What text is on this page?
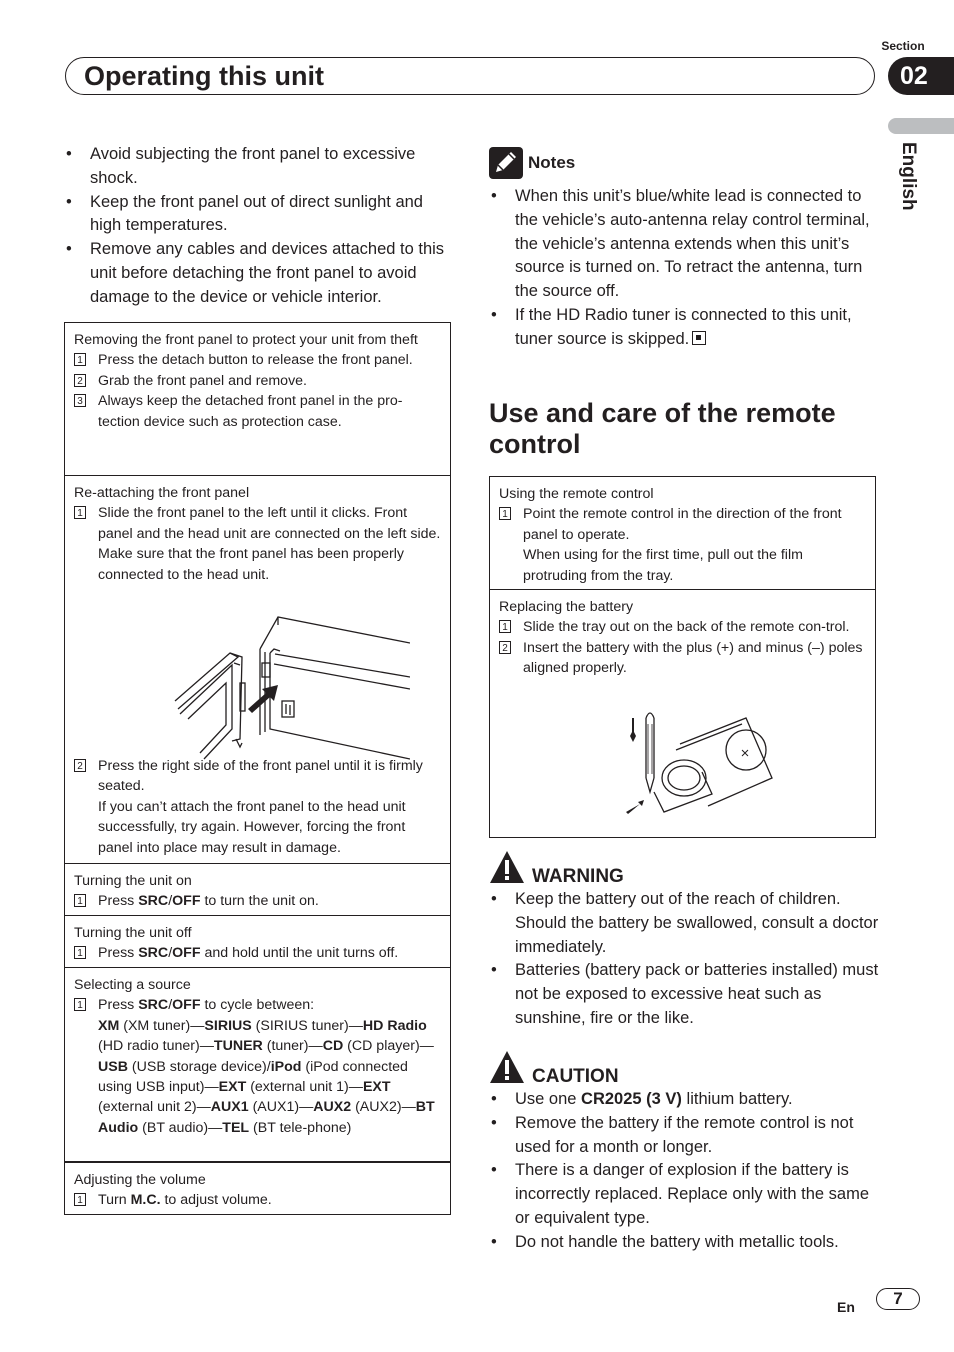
Section
Operating this unit	02
English
• Avoid subjecting the front panel to excessive shock.
• Keep the front panel out of direct sunlight and high temperatures.
• Remove any cables and devices attached to this unit before detaching the front panel to avoid damage to the device or vehicle interior.
Removing the front panel to protect your unit from theft
1 Press the detach button to release the front panel.
2 Grab the front panel and remove.
3 Always keep the detached front panel in the pro-tection device such as protection case.
Re-attaching the front panel
1 Slide the front panel to the left until it clicks. Front panel and the head unit are connected on the left side. Make sure that the front panel has been properly connected to the head unit.
2 Press the right side of the front panel until it is firmly seated.
If you can’t attach the front panel to the head unit successfully, try again. However, forcing the front panel into place may result in damage.
Turning the unit on
1 Press SRC/OFF to turn the unit on.
Turning the unit off
1 Press SRC/OFF and hold until the unit turns off.
Selecting a source
1 Press SRC/OFF to cycle between:
XM (XM tuner)—SIRIUS (SIRIUS tuner)—HD Radio (HD radio tuner)—TUNER (tuner)—CD (CD player)—USB (USB storage device)/iPod (iPod connected using USB input)—EXT (external unit 1)—EXT (external unit 2)—AUX1 (AUX1)—AUX2 (AUX2)—BT Audio (BT audio)—TEL (BT tele-phone)
Adjusting the volume
1 Turn M.C. to adjust volume.
Notes
• When this unit’s blue/white lead is connected to the vehicle’s auto-antenna relay control terminal, the vehicle’s antenna extends when this unit’s source is turned on. To retract the antenna, turn the source off.
• If the HD Radio tuner is connected to this unit, tuner source is skipped.
Use and care of the remote control
Using the remote control
1 Point the remote control in the direction of the front panel to operate.
When using for the first time, pull out the film protruding from the tray.
Replacing the battery
1 Slide the tray out on the back of the remote con-trol.
2 Insert the battery with the plus (+) and minus (–) poles aligned properly.
WARNING
• Keep the battery out of the reach of children. Should the battery be swallowed, consult a doctor immediately.
• Batteries (battery pack or batteries installed) must not be exposed to excessive heat such as sunshine, fire or the like.
CAUTION
• Use one CR2025 (3 V) lithium battery.
• Remove the battery if the remote control is not used for a month or longer.
• There is a danger of explosion if the battery is incorrectly replaced. Replace only with the same or equivalent type.
• Do not handle the battery with metallic tools.
En	7
